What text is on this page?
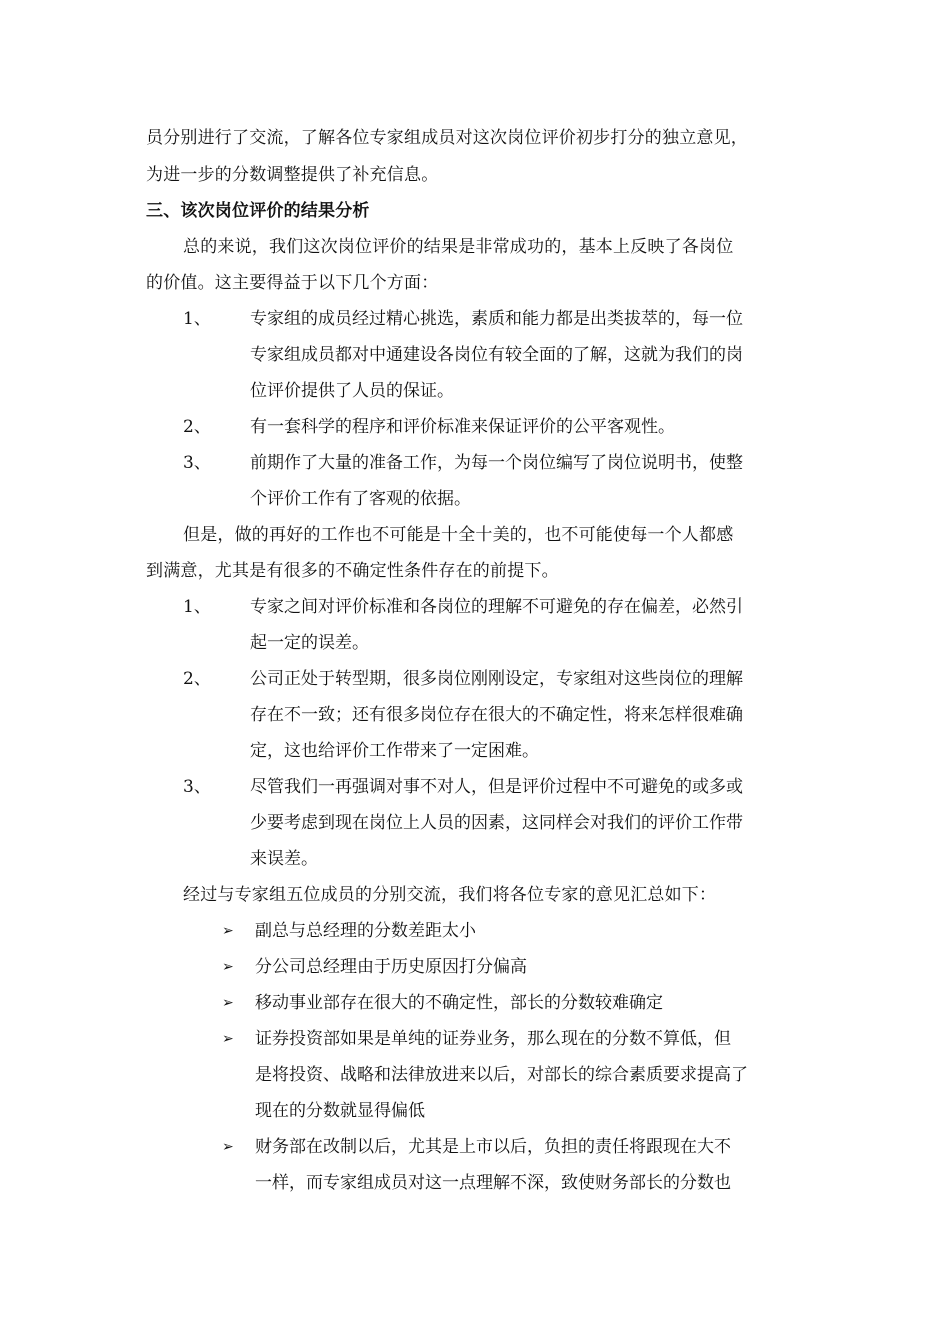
员分别进行了交流，了解各位专家组成员对这次岗位评价初步打分的独立意见，
为进一步的分数调整提供了补充信息。
三、该次岗位评价的结果分析
总的来说，我们这次岗位评价的结果是非常成功的，基本上反映了各岗位
的价值。这主要得益于以下几个方面：
1、 专家组的成员经过精心挑选，素质和能力都是出类拔萃的，每一位
专家组成员都对中通建设各岗位有较全面的了解，这就为我们的岗
位评价提供了人员的保证。
2、 有一套科学的程序和评价标准来保证评价的公平客观性。
3、 前期作了大量的准备工作，为每一个岗位编写了岗位说明书，使整
个评价工作有了客观的依据。
但是，做的再好的工作也不可能是十全十美的，也不可能使每一个人都感
到满意，尤其是有很多的不确定性条件存在的前提下。
1、 专家之间对评价标准和各岗位的理解不可避免的存在偏差，必然引
起一定的误差。
2、 公司正处于转型期，很多岗位刚刚设定，专家组对这些岗位的理解
存在不一致；还有很多岗位存在很大的不确定性，将来怎样很难确
定，这也给评价工作带来了一定困难。
3、 尽管我们一再强调对事不对人，但是评价过程中不可避免的或多或
少要考虑到现在岗位上人员的因素，这同样会对我们的评价工作带
来误差。
经过与专家组五位成员的分别交流，我们将各位专家的意见汇总如下：
➢ 副总与总经理的分数差距太小
➢ 分公司总经理由于历史原因打分偏高
➢ 移动事业部存在很大的不确定性，部长的分数较难确定
➢ 证券投资部如果是单纯的证券业务，那么现在的分数不算低，但
是将投资、战略和法律放进来以后，对部长的综合素质要求提高了
现在的分数就显得偏低
➢ 财务部在改制以后，尤其是上市以后，负担的责任将跟现在大不
一样，而专家组成员对这一点理解不深，致使财务部长的分数也
